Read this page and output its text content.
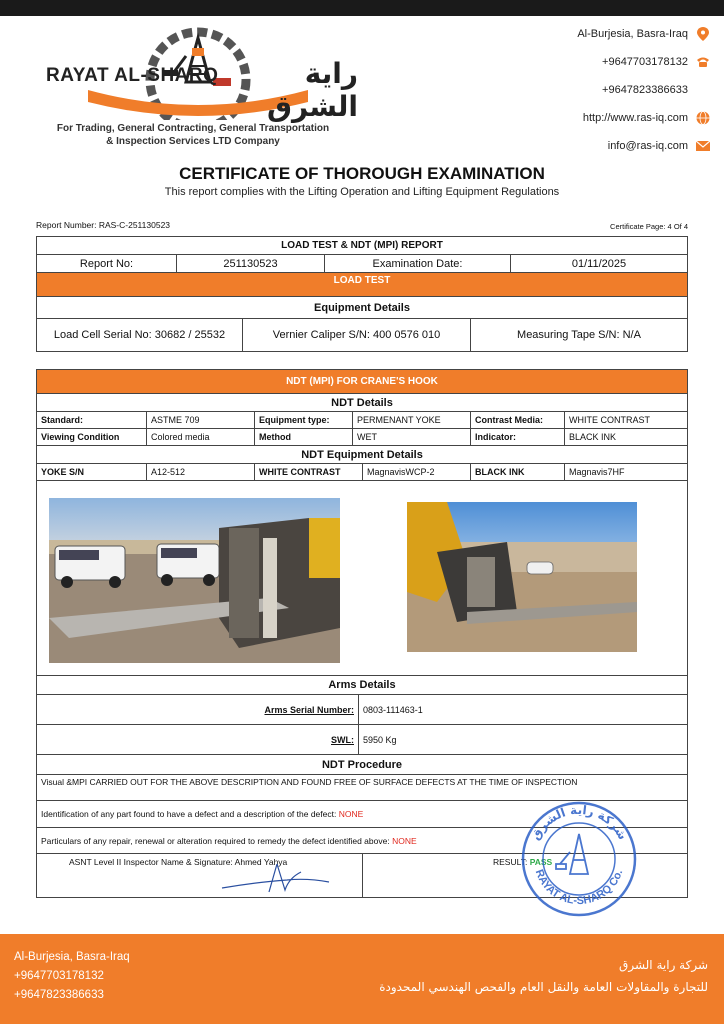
RAYAT AL-SHARQ	راية الشرق
For Trading, General Contracting, General Transportation
& Inspection Services LTD Company
Al-Burjesia, Basra-Iraq
+9647703178132
+9647823386633
http://www.ras-iq.com
info@ras-iq.com
CERTIFICATE OF THOROUGH EXAMINATION
This report complies with the Lifting Operation and Lifting Equipment Regulations
Report Number: RAS-C-251130523	Certificate Page: 4 Of 4
LOAD TEST & NDT (MPI) REPORT
Report No:	251130523	Examination Date:	01/11/2025
LOAD TEST
Equipment Details
Load Cell Serial No: 30682 / 25532	Vernier Caliper S/N: 400 0576 010	Measuring Tape S/N: N/A
NDT (MPI) FOR CRANE'S HOOK
NDT Details
Standard:	ASTME 709	Equipment type:	PERMENANT YOKE	Contrast Media:	WHITE CONTRAST
Viewing Condition	Colored media	Method	WET	Indicator:	BLACK INK
NDT Equipment Details
YOKE S/N	A12-512	WHITE CONTRAST	MagnavisWCP-2	BLACK INK	Magnavis7HF
Arms Details
Arms Serial Number:	0803-111463-1
SWL:	5950 Kg
NDT Procedure
Visual &MPI CARRIED OUT FOR THE ABOVE DESCRIPTION AND FOUND FREE OF SURFACE DEFECTS AT THE TIME OF INSPECTION
Identification of any part found to have a defect and a description of the defect:
NONE
Particulars of any repair, renewal or alteration required to remedy the defect identified above:
NONE
ASNT Level II Inspector Name & Signature: Ahmed Yahya	RESULT:
PASS
شركة راية الشرق
RAYAT AL-SHARQ Co.
Al-Burjesia, Basra-Iraq
+9647703178132
+9647823386633
شركة راية الشرق
للتجارة والمقاولات العامة والنقل العام والفحص الهندسي المحدودة
